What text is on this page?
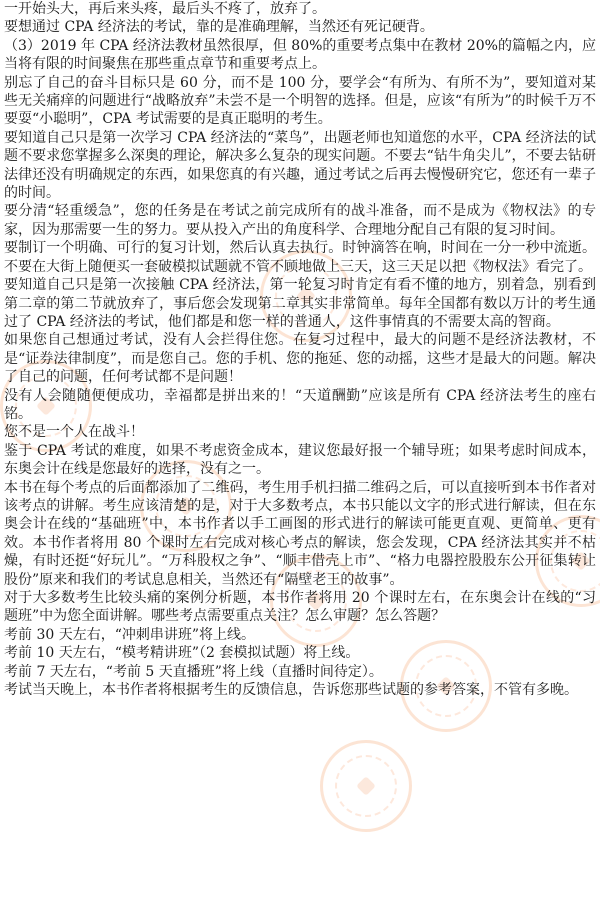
一开始头大，再后来头疼，最后头不疼了，放弃了。

要想通过 CPA 经济法的考试，靠的是准确理解，当然还有死记硬背。

（3）2019 年 CPA 经济法教材虽然很厚，但 80%的重要考点集中在教材 20%的篇幅之内，应当将有限的时间聚焦在那些重点章节和重要考点上。

别忘了自己的奋斗目标只是 60 分，而不是 100 分，要学会“有所为、有所不为”，要知道对某些无关痛痒的问题进行“战略放弃”未尝不是一个明智的选择。但是，应该“有所为”的时候千万不要耍“小聪明”，CPA 考试需要的是真正聪明的考生。

要知道自己只是第一次学习 CPA 经济法的“菜鸟”，出题老师也知道您的水平，CPA 经济法的试题不要求您掌握多么深奥的理论，解决多么复杂的现实问题。不要去“钻牛角尖儿”，不要去钻研法律还没有明确规定的东西，如果您真的有兴趣，通过考试之后再去慢慢研究它，您还有一辈子的时间。

要分清“轻重缓急”，您的任务是在考试之前完成所有的战斗准备，而不是成为《物权法》的专家，因为那需要一生的努力。要从投入产出的角度科学、合理地分配自己有限的复习时间。

要制订一个明确、可行的复习计划，然后认真去执行。时钟滴答在响，时间在一分一秒中流逝。不要在大街上随便买一套破模拟试题就不管不顾地做上三天，这三天足以把《物权法》看完了。

要知道自己只是第一次接触 CPA 经济法，第一轮复习时肯定有看不懂的地方，别着急，别看到第二章的第二节就放弃了，事后您会发现第二章其实非常简单。每年全国都有数以万计的考生通过了 CPA 经济法的考试，他们都是和您一样的普通人，这件事情真的不需要太高的智商。

如果您自己想通过考试，没有人会拦得住您。在复习过程中，最大的问题不是经济法教材，不是“证券法律制度”，而是您自己。您的手机、您的拖延、您的动摇，这些才是最大的问题。解决了自己的问题，任何考试都不是问题！

没有人会随随便便成功，幸福都是拼出来的！“天道酬勤”应该是所有 CPA 经济法考生的座右铭。

您不是一个人在战斗！

鉴于 CPA 考试的难度，如果不考虑资金成本，建议您最好报一个辅导班；如果考虑时间成本，东奥会计在线是您最好的选择，没有之一。

本书在每个考点的后面都添加了二维码，考生用手机扫描二维码之后，可以直接听到本书作者对该考点的讲解。考生应该清楚的是，对于大多数考点，本书只能以文字的形式进行解读，但在东奥会计在线的“基础班”中，本书作者以手工画图的形式进行的解读可能更直观、更简单、更有效。本书作者将用 80 个课时左右完成对核心考点的解读，您会发现，CPA 经济法其实并不枯燥，有时还挺“好玩儿”。“万科股权之争”、“顺丰借壳上市”、“格力电器控股股东公开征集转让股份”原来和我们的考试息息相关，当然还有“隔壁老王的故事”。

对于大多数考生比较头痛的案例分析题，本书作者将用 20 个课时左右，在东奥会计在线的“习题班”中为您全面讲解。哪些考点需要重点关注？怎么审题？怎么答题？

考前 30 天左右，“冲刺串讲班”将上线。

考前 10 天左右，“模考精讲班”（2 套模拟试题）将上线。

考前 7 天左右，“考前 5 天直播班”将上线（直播时间待定）。

考试当天晚上，本书作者将根据考生的反馈信息，告诉您那些试题的参考答案，不管有多晚。
